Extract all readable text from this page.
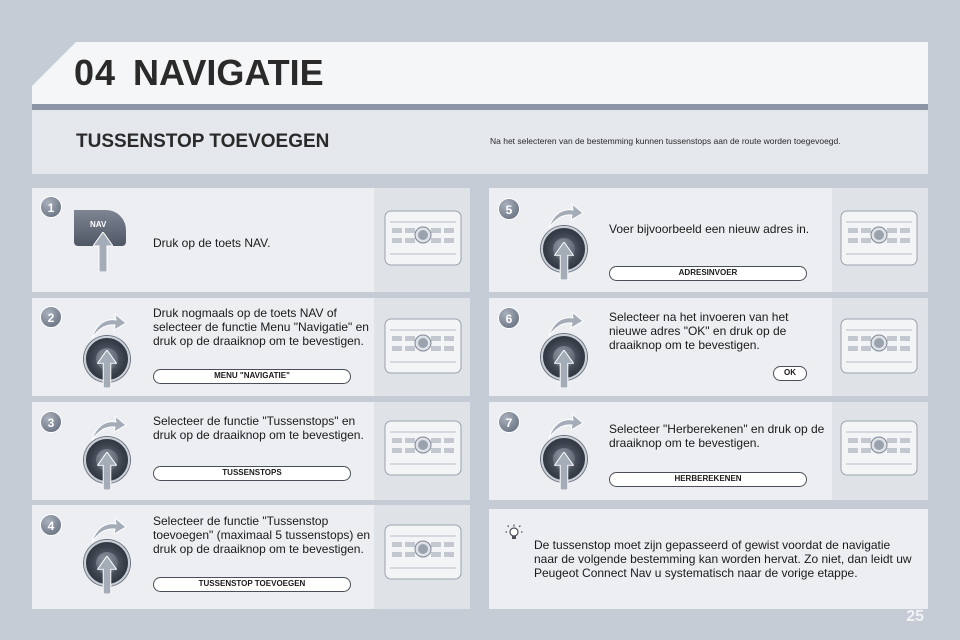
04 NAVIGATIE
TUSSENSTOP TOEVOEGEN	Na het selecteren van de bestemming kunnen tussenstops aan de route worden toegevoegd.
1
NAV
Druk op de toets NAV.
2	Druk nogmaals op de toets NAV of selecteer de functie Menu "Navigatie" en druk op de draaiknop om te bevestigen.
MENU "NAVIGATIE"
3	Selecteer de functie "Tussenstops" en druk op de draaiknop om te bevestigen.
TUSSENSTOPS
4	Selecteer de functie "Tussenstop toevoegen" (maximaal 5 tussenstops) en druk op de draaiknop om te bevestigen.
TUSSENSTOP TOEVOEGEN
5
Voer bijvoorbeeld een nieuw adres in.
ADRESINVOER
6	Selecteer na het invoeren van het nieuwe adres "OK" en druk op de draaiknop om te bevestigen.
OK
7	Selecteer "Herberekenen" en druk op de draaiknop om te bevestigen.
HERBEREKENEN
De tussenstop moet zijn gepasseerd of gewist voordat de navigatie naar de volgende bestemming kan worden hervat. Zo niet, dan leidt uw Peugeot Connect Nav u systematisch naar de vorige etappe.
25
